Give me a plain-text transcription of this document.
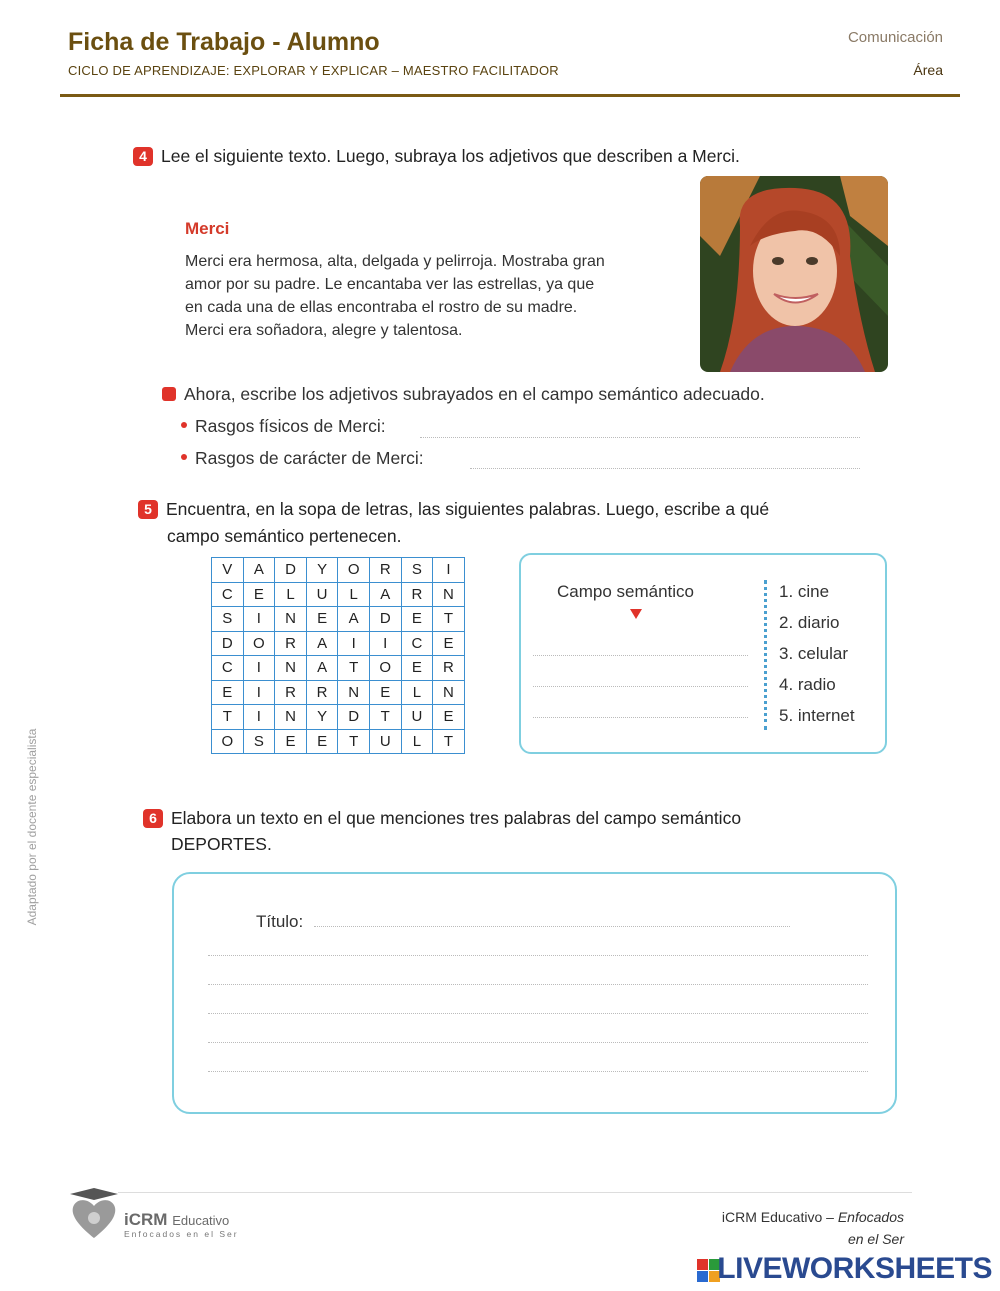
Ficha de Trabajo - Alumno
CICLO DE APRENDIZAJE: EXPLORAR Y EXPLICAR – MAESTRO FACILITADOR
Comunicación
Área
Adaptado por el docente especialista
4 Lee el siguiente texto. Luego, subraya los adjetivos que describen a Merci.
Merci
Merci era hermosa, alta, delgada y pelirroja. Mostraba gran
amor por su padre. Le encantaba ver las estrellas, ya que
en cada una de ellas encontraba el rostro de su madre.
Merci era soñadora, alegre y talentosa.
Ahora, escribe los adjetivos subrayados en el campo semántico adecuado.
Rasgos físicos de Merci:
Rasgos de carácter de Merci:
5 Encuentra, en la sopa de letras, las siguientes palabras. Luego, escribe a qué
campo semántico pertenecen.
V	A	D	Y	O	R	S	I
C	E	L	U	L	A	R	N
S	I	N	E	A	D	E	T
D	O	R	A	I	I	C	E
C	I	N	A	T	O	E	R
E	I	R	R	N	E	L	N
T	I	N	Y	D	T	U	E
O	S	E	E	T	U	L	T
Campo semántico	1. cine
2. diario
3. celular
4. radio
5. internet
6 Elabora un texto en el que menciones tres palabras del campo semántico
DEPORTES.
Título:
iCRM Educativo
Enfocados en el Ser
iCRM Educativo – Enfocados
en el Ser
LIVEWORKSHEETS
